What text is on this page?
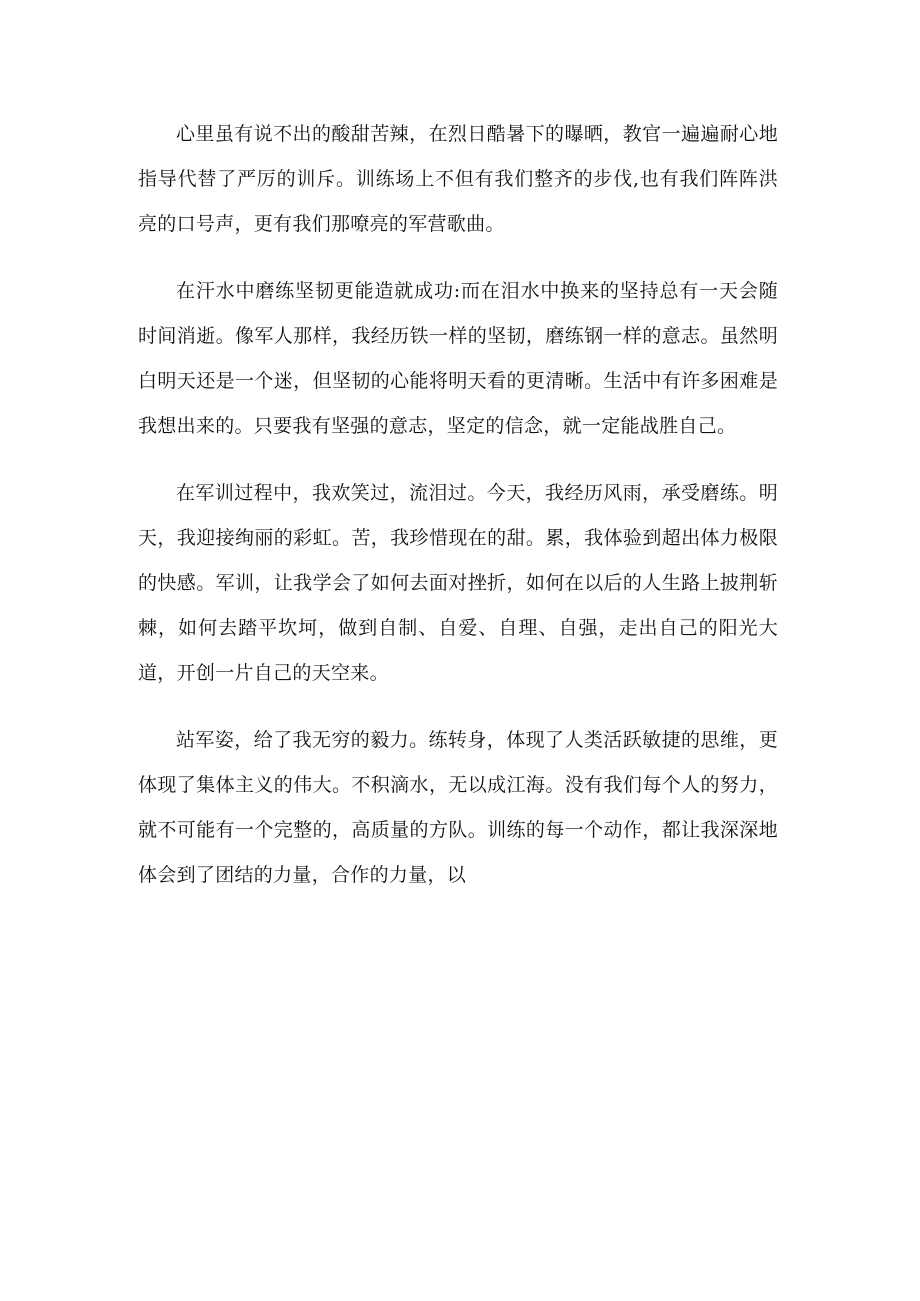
心里虽有说不出的酸甜苦辣，在烈日酷暑下的曝晒，教官一遍遍耐心地指导代替了严厉的训斥。训练场上不但有我们整齐的步伐,也有我们阵阵洪亮的口号声，更有我们那嘹亮的军营歌曲。

在汗水中磨练坚韧更能造就成功:而在泪水中换来的坚持总有一天会随时间消逝。像军人那样，我经历铁一样的坚韧，磨练钢一样的意志。虽然明白明天还是一个迷，但坚韧的心能将明天看的更清晰。生活中有许多困难是我想出来的。只要我有坚强的意志，坚定的信念，就一定能战胜自己。

在军训过程中，我欢笑过，流泪过。今天，我经历风雨，承受磨练。明天，我迎接绚丽的彩虹。苦，我珍惜现在的甜。累，我体验到超出体力极限的快感。军训，让我学会了如何去面对挫折，如何在以后的人生路上披荆斩棘，如何去踏平坎坷，做到自制、自爱、自理、自强，走出自己的阳光大道，开创一片自己的天空来。

站军姿，给了我无穷的毅力。练转身，体现了人类活跃敏捷的思维，更体现了集体主义的伟大。不积滴水，无以成江海。没有我们每个人的努力，就不可能有一个完整的，高质量的方队。训练的每一个动作，都让我深深地体会到了团结的力量，合作的力量，以
